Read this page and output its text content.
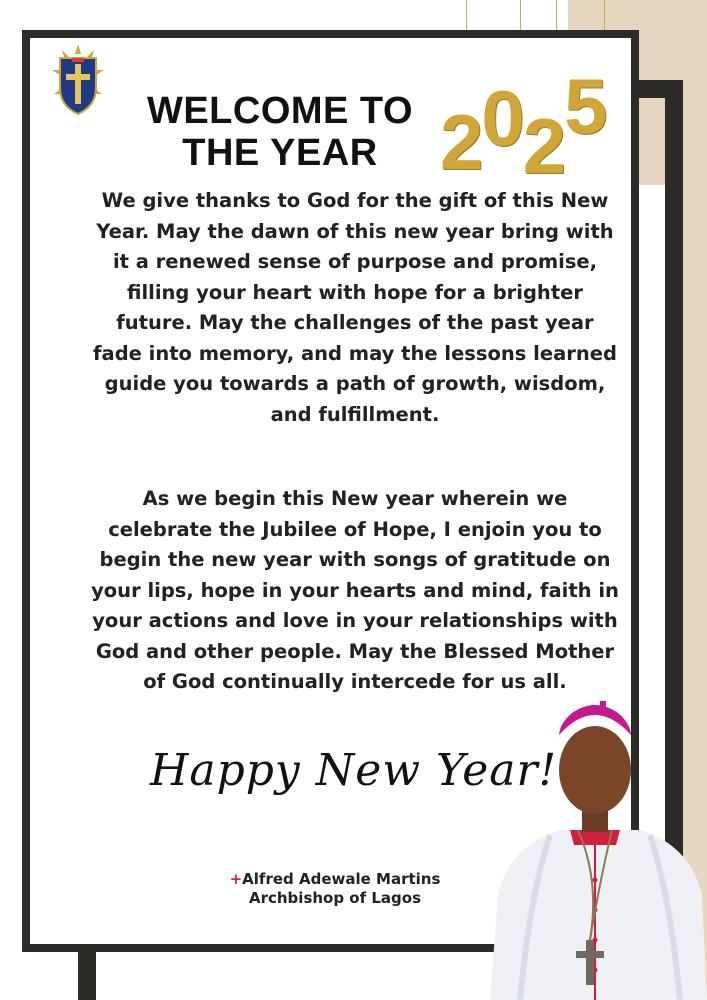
WELCOME TO
THE YEAR 2025
We give thanks to God for the gift of this New Year. May the dawn of this new year bring with it a renewed sense of purpose and promise, filling your heart with hope for a brighter future. May the challenges of the past year fade into memory, and may the lessons learned guide you towards a path of growth, wisdom, and fulfillment.
As we begin this New year wherein we celebrate the Jubilee of Hope, I enjoin you to begin the new year with songs of gratitude on your lips, hope in your hearts and mind, faith in your actions and love in your relationships with God and other people. May the Blessed Mother of God continually intercede for us all.
Happy New Year!
+Alfred Adewale Martins
Archbishop of Lagos
